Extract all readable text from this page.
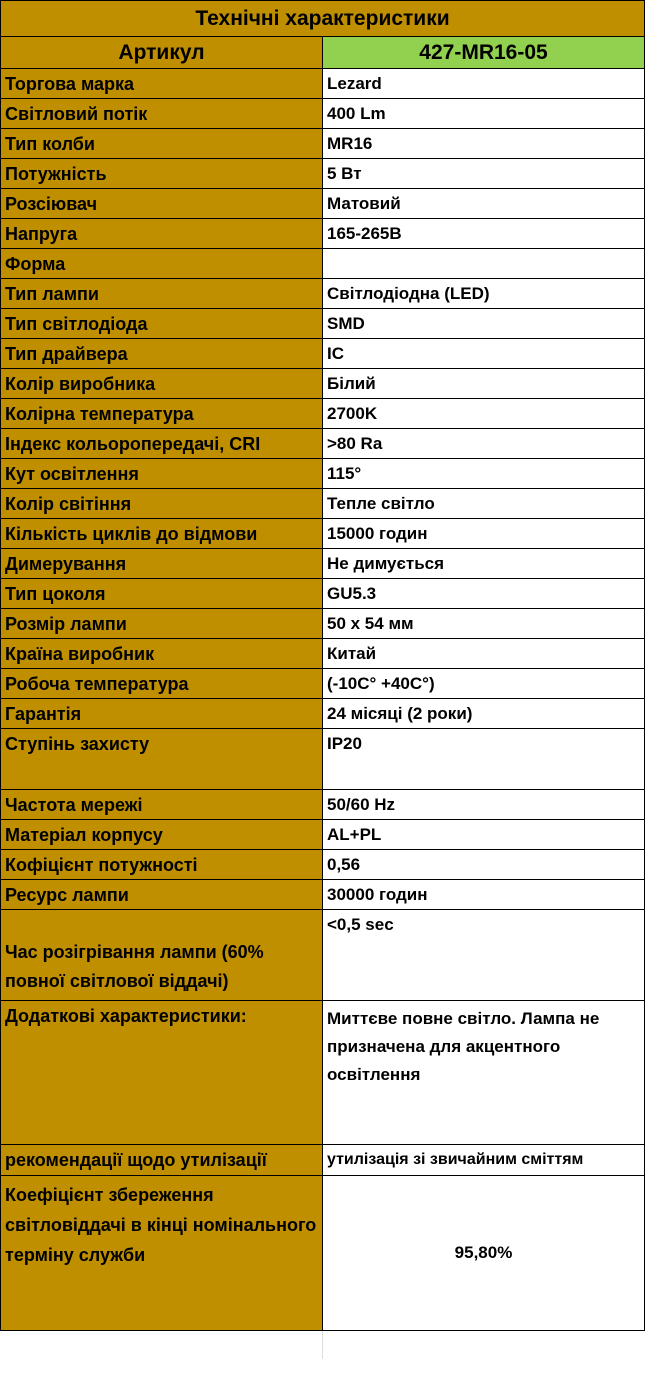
Технічні характеристики	
Артикул	427-MR16-05
Торгова марка	Lezard
Світловий потік	400 Lm
Тип колби	MR16
Потужність	5 Вт
Розсіювач	Матовий
Напруга	165-265В
Форма	
Тип лампи	Світлодіодна (LED)
Тип світлодіода	SMD
Тип драйвера	IC
Колір виробника	Білий
Колірна температура	2700K
Індекс кольоропередачі, CRI	>80 Ra
Кут освітлення	115°
Колір світіння	Тепле світло
Кількість циклів до відмови	15000 годин
Димерування	Не димується
Тип цоколя	GU5.3
Розмір лампи	50 х 54 мм
Країна виробник	Китай
Робоча температура	(-10С° +40С°)
Гарантія	24 місяці (2 роки)
Ступінь захисту	IP20
Частота мережі	50/60 Hz
Матеріал корпусу	AL+PL
Кофіцієнт потужності	0,56
Ресурс лампи	30000 годин
Час розігрівання лампи (60% повної світлової віддачі)	<0,5 sec
Додаткові характеристики:	Миттєве повне світло. Лампа не призначена для акцентного освітлення
рекомендації щодо утилізації	утилізація зі звичайним сміттям
Коефіцієнт збереження світловіддачі в кінці номінального терміну служби	95,80%
